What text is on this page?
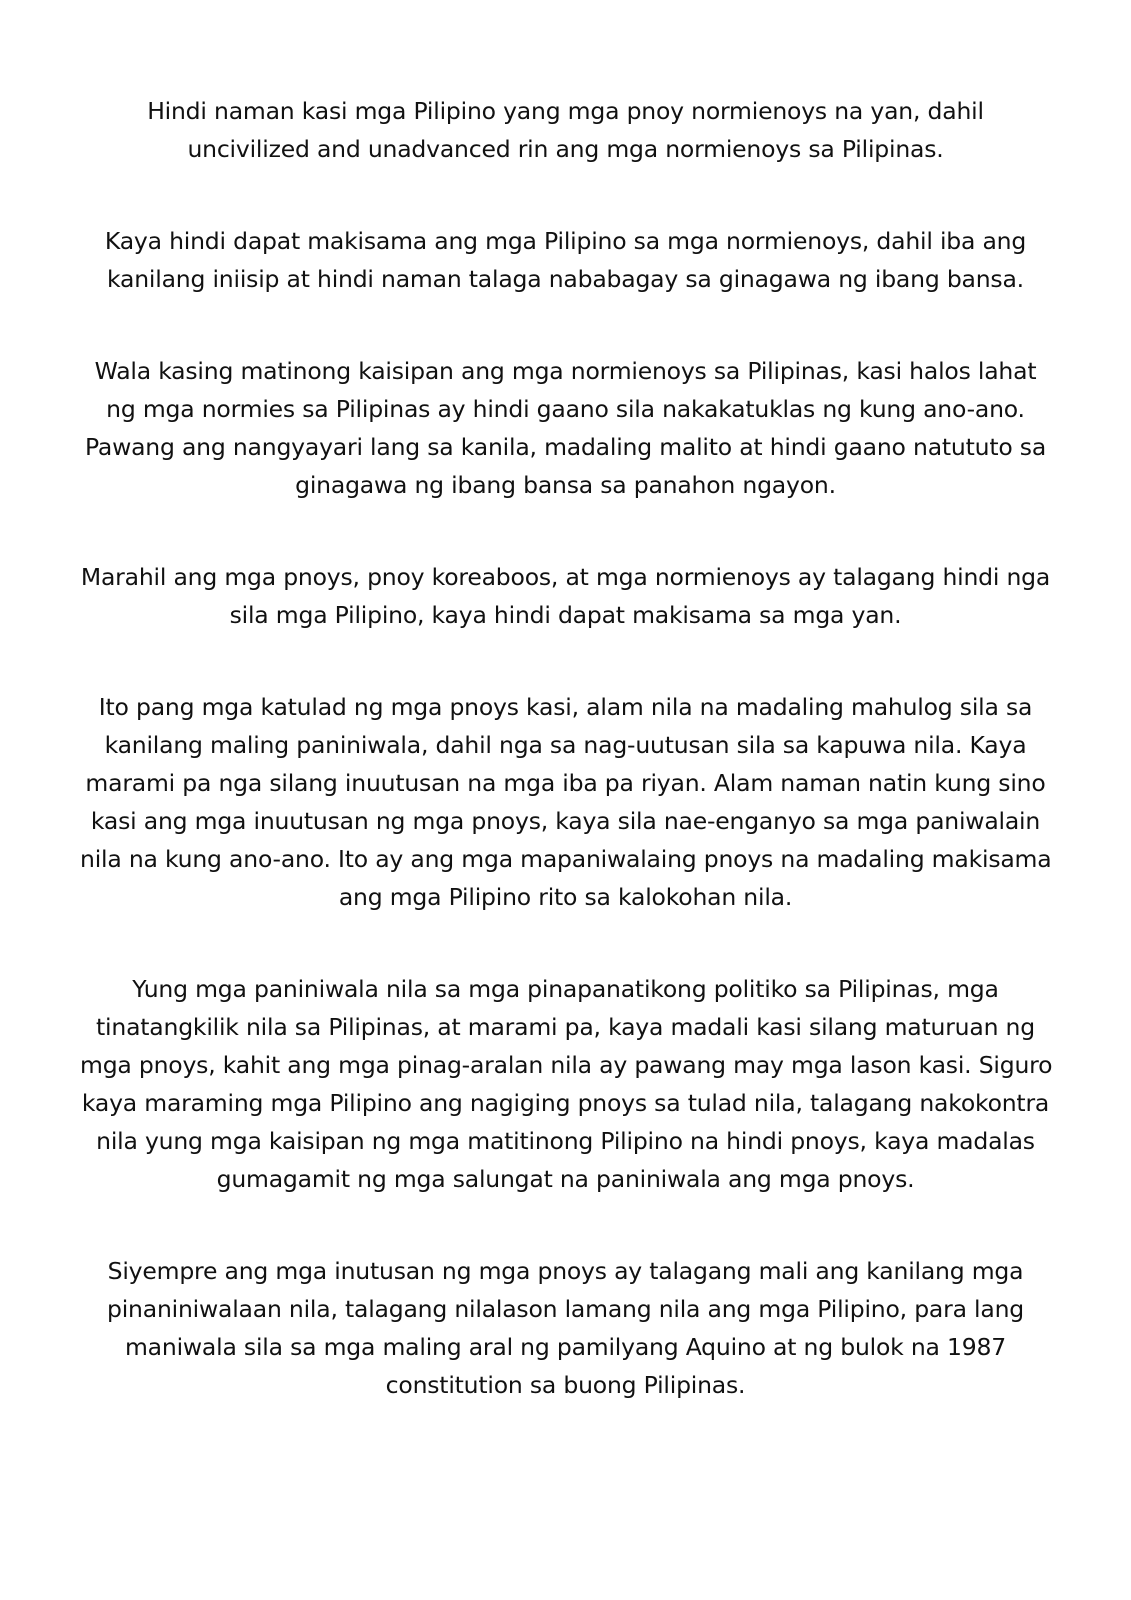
Hindi naman kasi mga Pilipino yang mga pnoy normienoys na yan, dahil
uncivilized and unadvanced rin ang mga normienoys sa Pilipinas.

Kaya hindi dapat makisama ang mga Pilipino sa mga normienoys, dahil iba ang
kanilang iniisip at hindi naman talaga nababagay sa ginagawa ng ibang bansa.

Wala kasing matinong kaisipan ang mga normienoys sa Pilipinas, kasi halos lahat
ng mga normies sa Pilipinas ay hindi gaano sila nakakatuklas ng kung ano-ano.
Pawang ang nangyayari lang sa kanila, madaling malito at hindi gaano natututo sa
ginagawa ng ibang bansa sa panahon ngayon.

Marahil ang mga pnoys, pnoy koreaboos, at mga normienoys ay talagang hindi nga
sila mga Pilipino, kaya hindi dapat makisama sa mga yan.

Ito pang mga katulad ng mga pnoys kasi, alam nila na madaling mahulog sila sa
kanilang maling paniniwala, dahil nga sa nag-uutusan sila sa kapuwa nila. Kaya
marami pa nga silang inuutusan na mga iba pa riyan. Alam naman natin kung sino
kasi ang mga inuutusan ng mga pnoys, kaya sila nae-enganyo sa mga paniwalain
nila na kung ano-ano. Ito ay ang mga mapaniwalaing pnoys na madaling makisama
ang mga Pilipino rito sa kalokohan nila.

Yung mga paniniwala nila sa mga pinapanatikong politiko sa Pilipinas, mga
tinatangkilik nila sa Pilipinas, at marami pa, kaya madali kasi silang maturuan ng
mga pnoys, kahit ang mga pinag-aralan nila ay pawang may mga lason kasi. Siguro
kaya maraming mga Pilipino ang nagiging pnoys sa tulad nila, talagang nakokontra
nila yung mga kaisipan ng mga matitinong Pilipino na hindi pnoys, kaya madalas
gumagamit ng mga salungat na paniniwala ang mga pnoys.

Siyempre ang mga inutusan ng mga pnoys ay talagang mali ang kanilang mga
pinaniniwalaan nila, talagang nilalason lamang nila ang mga Pilipino, para lang
maniwala sila sa mga maling aral ng pamilyang Aquino at ng bulok na 1987
constitution sa buong Pilipinas.
